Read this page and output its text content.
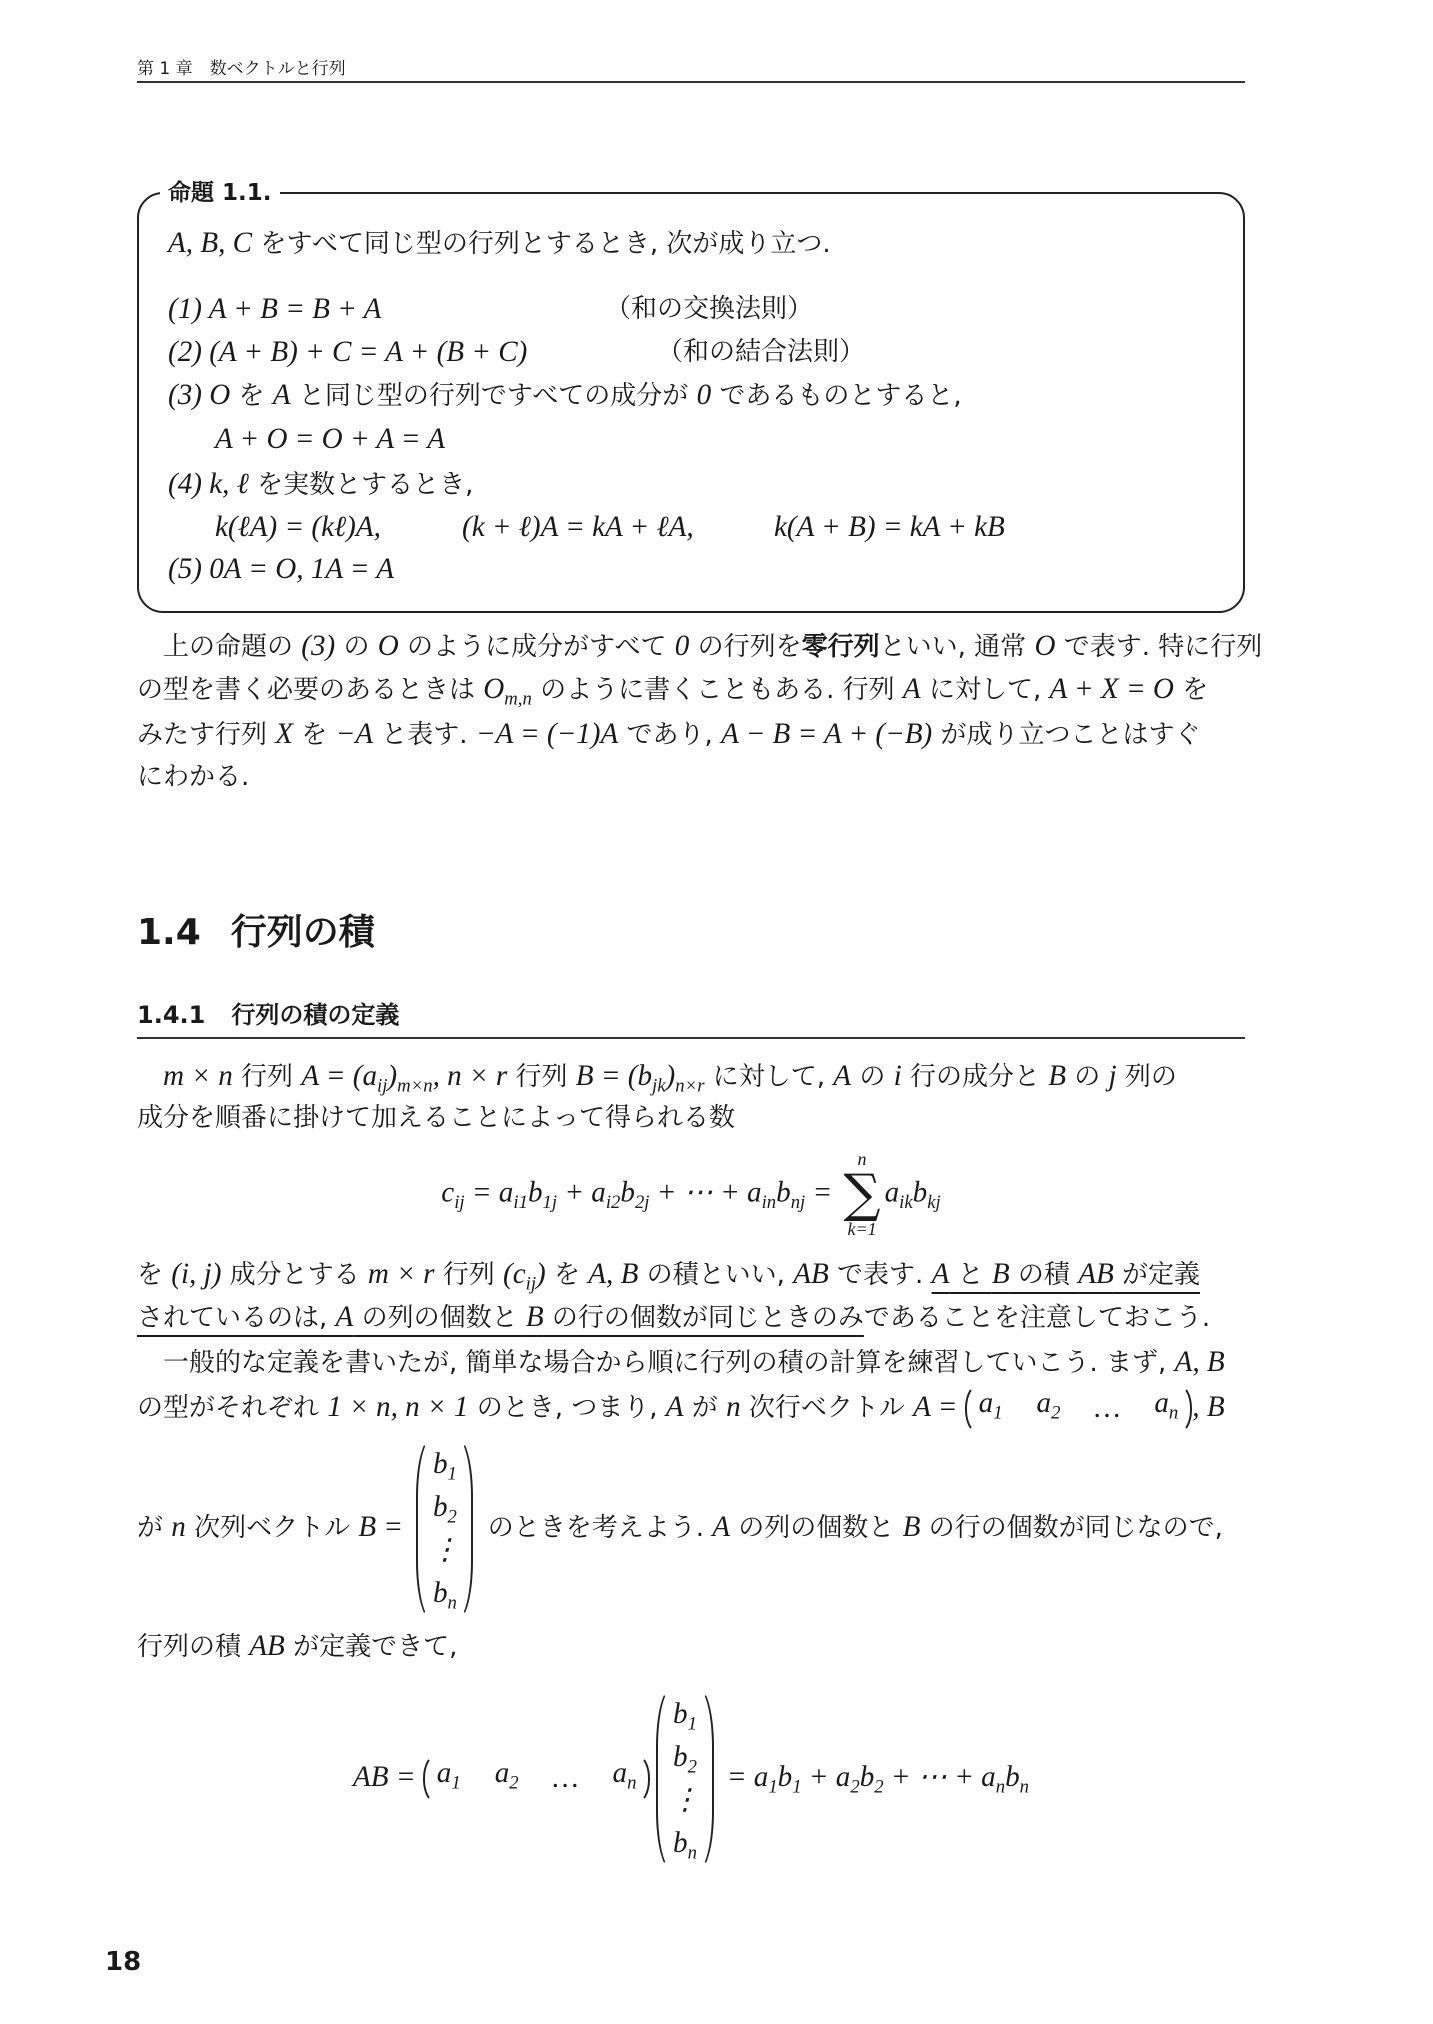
第 1 章　数ベクトルと行列
命題 1.1.
A, B, C をすべて同じ型の行列とするとき, 次が成り立つ.
(1) A + B = B + A	（和の交換法則）
(2) (A + B) + C = A + (B + C)	（和の結合法則）
(3) O を A と同じ型の行列ですべての成分が 0 であるものとすると,
A + O = O + A = A
(4) k, ℓ を実数とするとき,
k(ℓA) = (kℓ)A,	(k + ℓ)A = kA + ℓA,	k(A + B) = kA + kB
(5) 0A = O, 1A = A
上の命題の (3) の O のように成分がすべて 0 の行列を零行列といい, 通常 O で表す. 特に行列
の型を書く必要のあるときは $O_{m,n}$ のように書くこともある. 行列 A に対して, A + X = O を
みたす行列 X を −A と表す. −A = (−1)A であり, A − B = A + (−B) が成り立つことはすぐ
にわかる.
1.4 行列の積
1.4.1 行列の積の定義
m × n 行列 $A = (a_{ij})_{m\times n}$, n × r 行列 $B = (b_{jk})_{n\times r}$ に対して, A の i 行の成分と B の j 列の
成分を順番に掛けて加えることによって得られる数
$c_{ij} = a_{i1}b_{1j} + a_{i2}b_{2j}$ + ⋯ + $a_{in}b_{nj}$ =
n
∑
k=1
$a_{ik}b_{kj}$
を (i, j) 成分とする m × r 行列 $(c_{ij})$ を A, B の積といい, AB で表す. A と B の積 AB が定義
されているのは, A の列の個数と B の行の個数が同じときのみであることを注意しておこう.
一般的な定義を書いたが, 簡単な場合から順に行列の積の計算を練習していこう. まず, A, B
の型がそれぞれ 1 × n, n × 1 のとき, つまり, A が n 次行ベクトル $A = a_1$ $a_2$ … $a_n$ , B
が n 次列ベクトル B =
$b_1$
$b_2$
⋮
$b_n$
のときを考えよう. A の列の個数と B の行の個数が同じなので,
行列の積 AB が定義できて,
AB = $a_1$ $a_2$ … $a_n$
$b_1$
$b_2$
⋮
$b_n$
= $a_1b_1 + a_2b_2$ + ⋯ + $a_nb_n$
18
